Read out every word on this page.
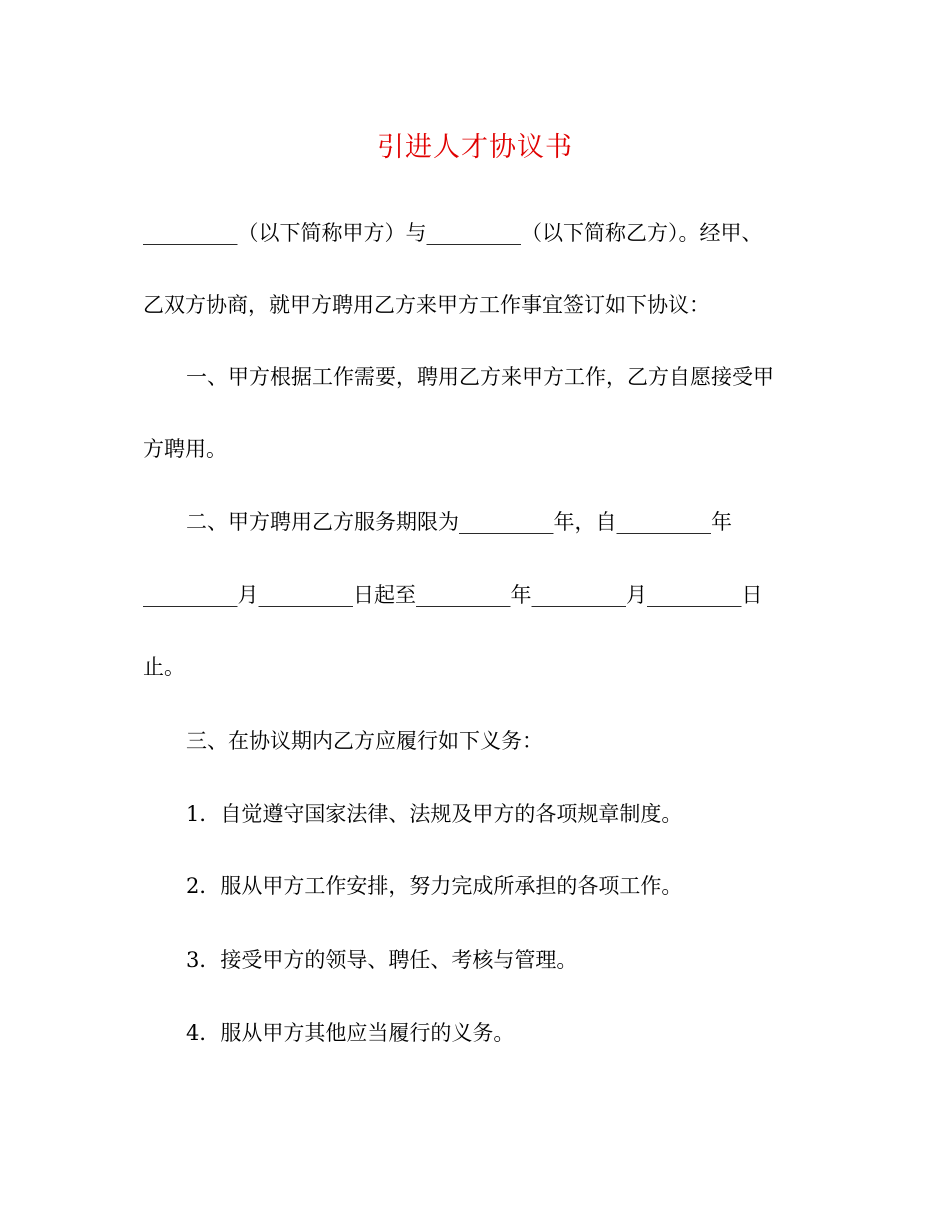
引进人才协议书
_________（以下简称甲方）与_________（以下简称乙方）。经甲、
乙双方协商，就甲方聘用乙方来甲方工作事宜签订如下协议：
一、甲方根据工作需要，聘用乙方来甲方工作，乙方自愿接受甲
方聘用。
二、甲方聘用乙方服务期限为_________年，自_________年
_________月_________日起至_________年_________月_________日
止。
三、在协议期内乙方应履行如下义务：
1．自觉遵守国家法律、法规及甲方的各项规章制度。
2．服从甲方工作安排，努力完成所承担的各项工作。
3．接受甲方的领导、聘任、考核与管理。
4．服从甲方其他应当履行的义务。
